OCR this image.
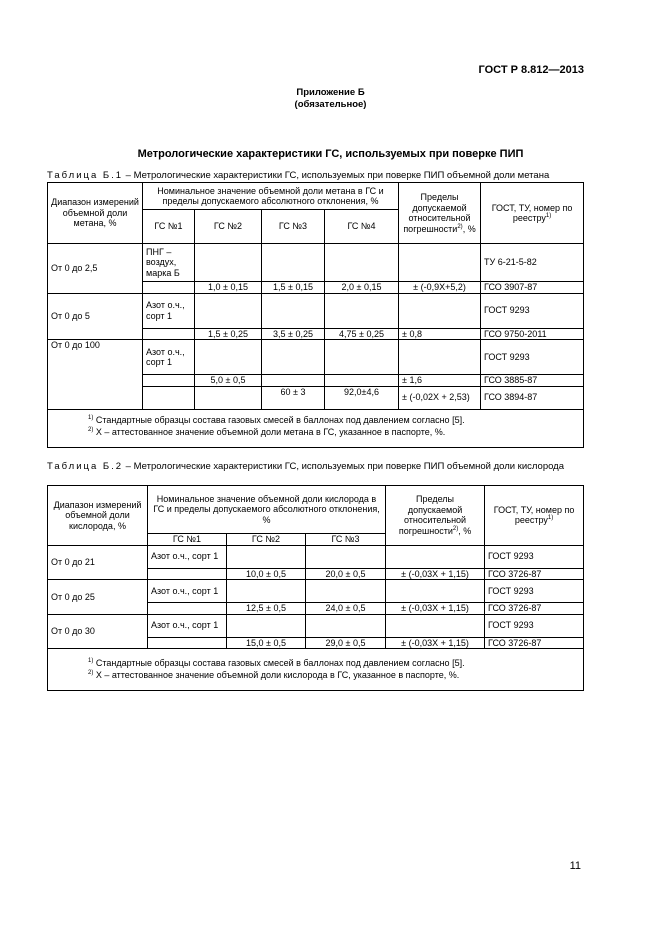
ГОСТ Р 8.812—2013
Приложение Б
(обязательное)
Метрологические характеристики ГС, используемых при поверке ПИП
Таблица Б.1 – Метрологические характеристики ГС, используемых при поверке ПИП объемной доли метана
Диапазон измерений объемной доли метана, %	Номинальное значение объемной доли метана в ГС и пределы допускаемого абсолютного отклонения, %				Пределы допускаемой относительной погрешности$^{2)}$, %	ГОСТ, ТУ, номер по реестру$^{1)}$
	ГС №1	ГС №2	ГС №3	ГС №4		
От 0 до 2,5	ПНГ – воздух, марка Б					ТУ 6-21-5-82
		1,0 ± 0,15	1,5 ± 0,15	2,0 ± 0,15	± (-0,9X+5,2)	ГСО 3907-87
От 0 до 5	Азот о.ч., сорт 1					ГОСТ 9293
		1,5 ± 0,25	3,5 ± 0,25	4,75 ± 0,25	± 0,8	ГСО 9750-2011
От 0 до 100	Азот о.ч., сорт 1					ГОСТ 9293
		5,0 ± 0,5			± 1,6	ГСО 3885-87
			60 ± 3	92,0±4,6	± (-0,02X + 2,53)	ГСО 3894-87

$^{1)}$ Стандартные образцы состава газовых смесей в баллонах под давлением согласно [5].
$^{2)}$ X – аттестованное значение объемной доли метана в ГС, указанное в паспорте, %.						
Таблица Б.2 – Метрологические характеристики ГС, используемых при поверке ПИП объемной доли кислорода
Диапазон измерений объемной доли кислорода, %	Номинальное значение объемной доли кислорода в ГС и пределы допускаемого абсолютного отклонения, %			Пределы допускаемой относительной погрешности$^{2)}$, %	ГОСТ, ТУ, номер по реестру$^{1)}$
	ГС №1	ГС №2	ГС №3		
От 0 до 21	Азот о.ч., сорт 1				ГОСТ 9293
		10,0 ± 0,5	20,0 ± 0,5	± (-0,03X + 1,15)	ГСО 3726-87
От 0 до 25	Азот о.ч., сорт 1				ГОСТ 9293
		12,5 ± 0,5	24,0 ± 0,5	± (-0,03X + 1,15)	ГСО 3726-87
От 0 до 30	Азот о.ч., сорт 1				ГОСТ 9293
		15,0 ± 0,5	29,0 ± 0,5	± (-0,03X + 1,15)	ГСО 3726-87

$^{1)}$ Стандартные образцы состава газовых смесей в баллонах под давлением согласно [5].
$^{2)}$ X – аттестованное значение объемной доли кислорода в ГС, указанное в паспорте, %.					
11
